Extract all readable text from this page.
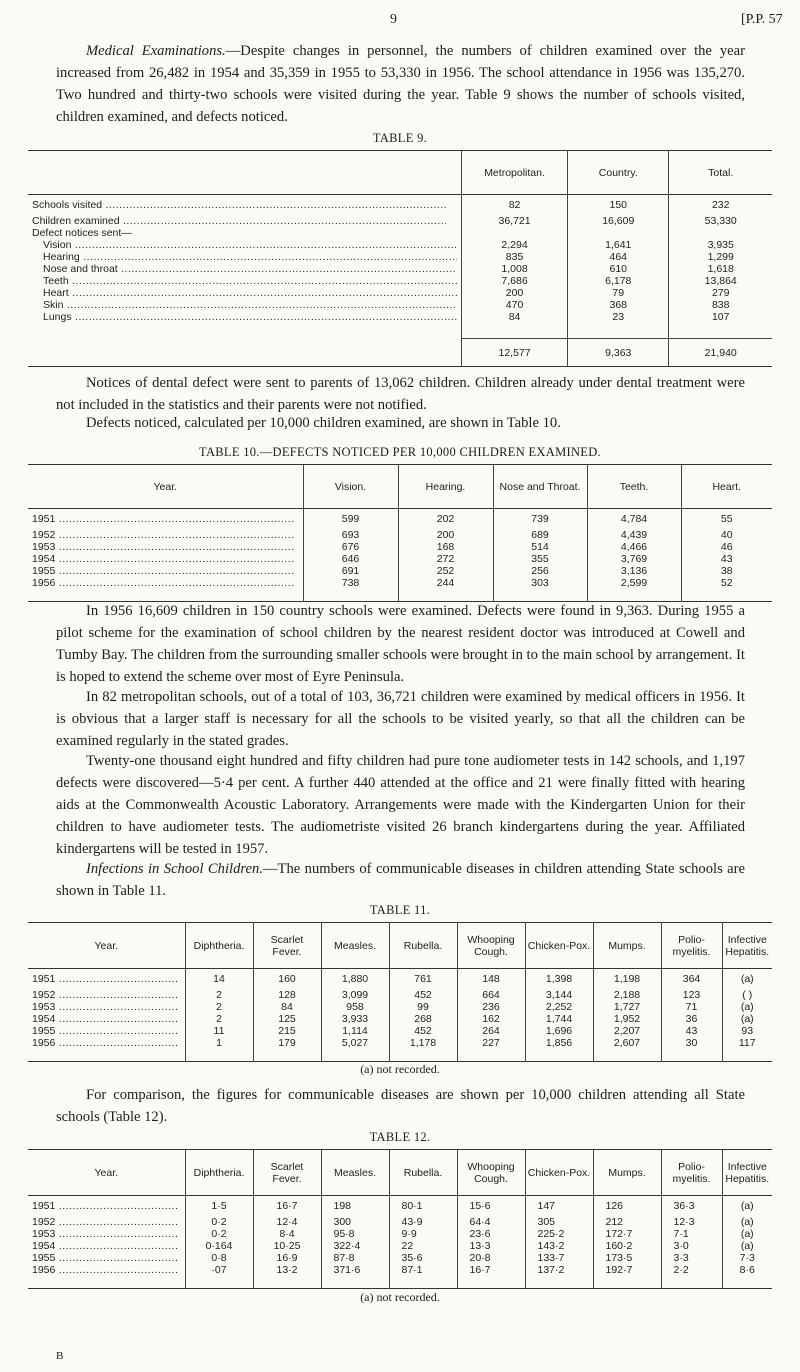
9	[P.P. 57

Medical Examinations.—Despite changes in personnel, the numbers of children examined over the year increased from 26,482 in 1954 and 35,359 in 1955 to 53,330 in 1956. The school attendance in 1956 was 135,270. Two hundred and thirty-two schools were visited during the year. Table 9 shows the number of schools visited, children examined, and defects noticed.

TABLE 9.
	Metropolitan.	Country.	Total.

Schools visited .....	82	150	232

Children examined .....	36,721	16,609	53,330

Defect notices sent—			

Vision .....	2,294	1,641	3,935

Hearing .....	835	464	1,299

Nose and throat .....	1,008	610	1,618

Teeth .....	7,686	6,178	13,864

Heart .....	200	79	279

Skin .....	470	368	838

Lungs .....	84	23	107

	12,577	9,363	21,940

Notices of dental defect were sent to parents of 13,062 children. Children already under dental treatment were not included in the statistics and their parents were not notified.

Defects noticed, calculated per 10,000 children examined, are shown in Table 10.

TABLE 10.—DEFECTS NOTICED PER 10,000 CHILDREN EXAMINED.
Year.	Vision.	Hearing.	Nose and Throat.	Teeth.	Heart.

1951 .....	599	202	739	4,784	55

1952 .....	693	200	689	4,439	40

1953 .....	676	168	514	4,466	46

1954 .....	646	272	355	3,769	43

1955 .....	691	252	256	3,136	38

1956 .....	738	244	303	2,599	52

In 1956 16,609 children in 150 country schools were examined. Defects were found in 9,363. During 1955 a pilot scheme for the examination of school children by the nearest resident doctor was introduced at Cowell and Tumby Bay. The children from the surrounding smaller schools were brought in to the main school by arrangement. It is hoped to extend the scheme over most of Eyre Peninsula.

In 82 metropolitan schools, out of a total of 103, 36,721 children were examined by medical officers in 1956. It is obvious that a larger staff is necessary for all the schools to be visited yearly, so that all the children can be examined regularly in the stated grades.

Twenty-one thousand eight hundred and fifty children had pure tone audiometer tests in 142 schools, and 1,197 defects were discovered—5·4 per cent. A further 440 attended at the office and 21 were finally fitted with hearing aids at the Commonwealth Acoustic Laboratory. Arrangements were made with the Kindergarten Union for their children to have audiometer tests. The audiometriste visited 26 branch kindergartens during the year. Affiliated kindergartens will be tested in 1957.

Infections in School Children.—The numbers of communicable diseases in children attending State schools are shown in Table 11.

TABLE 11.
Year.	Diphtheria.	Scarlet Fever.	Measles.	Rubella.	Whooping Cough.	Chicken-Pox.	Mumps.	Polio-myelitis.	Infective Hepatitis.

1951 .....	14	160	1,880	761	148	1,398	1,198	364	(a)

1952 .....	2	128	3,099	452	664	3,144	2,188	123	( )

1953 .....	2	84	958	99	236	2,252	1,727	71	(a)

1954 .....	2	125	3,933	268	162	1,744	1,952	36	(a)

1955 .....	11	215	1,114	452	264	1,696	2,207	43	93

1956 .....	1	179	5,027	1,178	227	1,856	2,607	30	117

(a) not recorded.

For comparison, the figures for communicable diseases are shown per 10,000 children attending all State schools (Table 12).

TABLE 12.
Year.	Diphtheria.	Scarlet Fever.	Measles.	Rubella.	Whooping Cough.	Chicken-Pox.	Mumps.	Polio-myelitis.	Infective Hepatitis.

1951 .....	1·5	16·7	198	80·1	15·6	147	126	36·3	(a)

1952 .....	0·2	12·4	300	43·9	64·4	305	212	12·3	(a)

1953 .....	0·2	8·4	95·8	9·9	23·6	225·2	172·7	7·1	(a)

1954 .....	0·164	10·25	322·4	22	13·3	143·2	160·2	3·0	(a)

1955 .....	0·8	16·9	87·8	35·6	20·8	133·7	173·5	3·3	7·3

1956 .....	·07	13·2	371·6	87·1	16·7	137·2	192·7	2·2	8·6

(a) not recorded.
B
